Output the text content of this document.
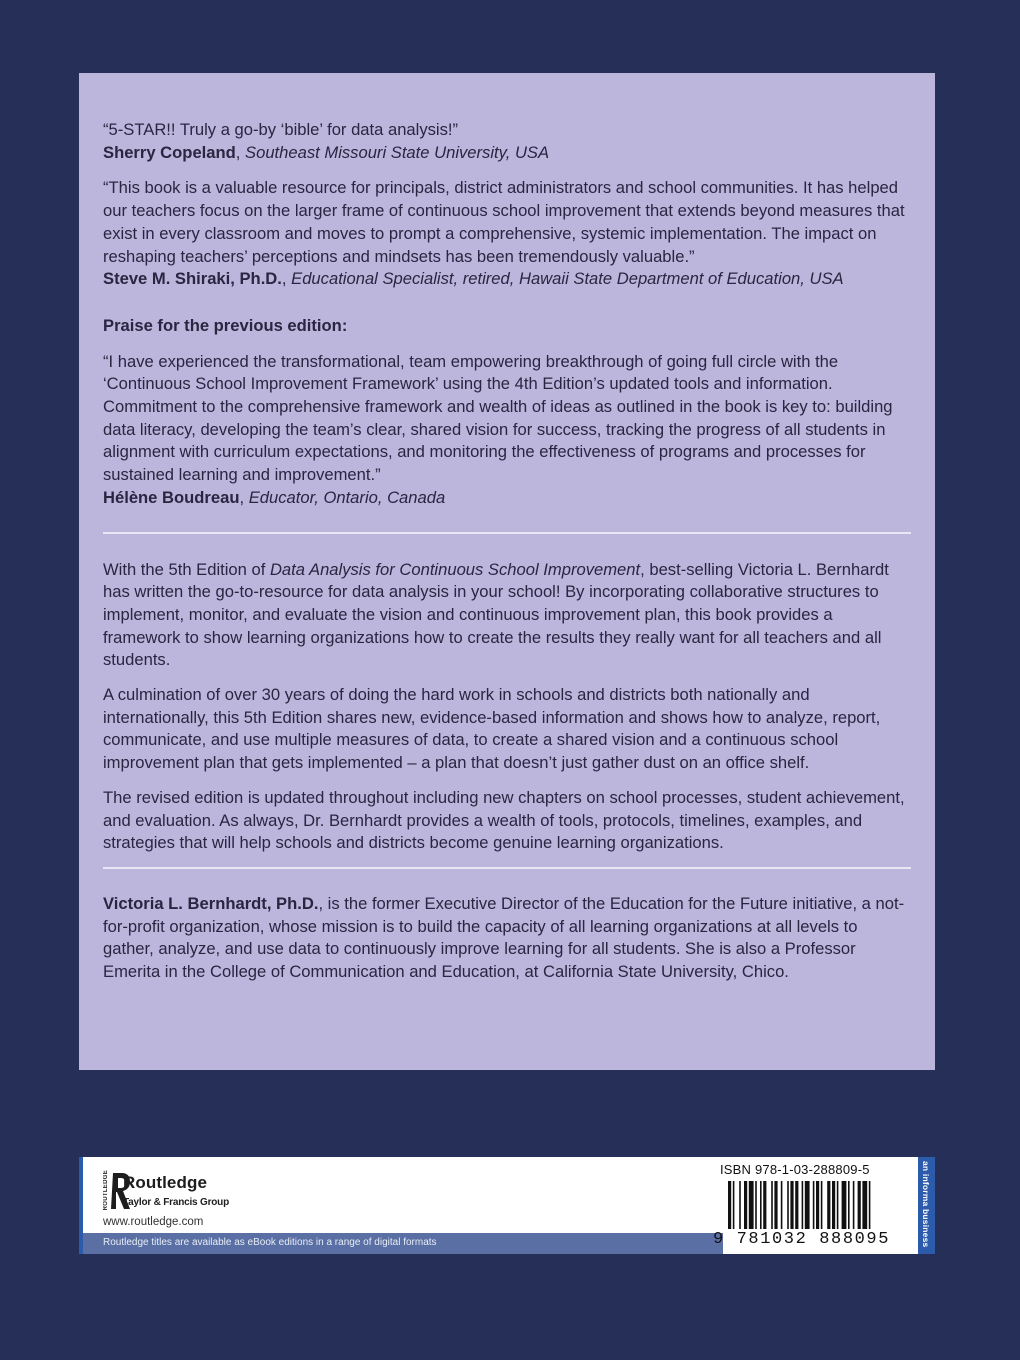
“5-STAR!! Truly a go-by ‘bible’ for data analysis!”
Sherry Copeland, Southeast Missouri State University, USA

“This book is a valuable resource for principals, district administrators and school communities. It has helped our teachers focus on the larger frame of continuous school improvement that extends beyond measures that exist in every classroom and moves to prompt a comprehensive, systemic implementation. The impact on reshaping teachers’ perceptions and mindsets has been tremendously valuable.”
Steve M. Shiraki, Ph.D., Educational Specialist, retired, Hawaii State Department of Education, USA

Praise for the previous edition:

“I have experienced the transformational, team empowering breakthrough of going full circle with the ‘Continuous School Improvement Framework’ using the 4th Edition’s updated tools and information. Commitment to the comprehensive framework and wealth of ideas as outlined in the book is key to: building data literacy, developing the team’s clear, shared vision for success, tracking the progress of all students in alignment with curriculum expectations, and monitoring the effectiveness of programs and processes for sustained learning and improvement.”
Hélène Boudreau, Educator, Ontario, Canada

With the 5th Edition of Data Analysis for Continuous School Improvement, best-selling Victoria L. Bernhardt has written the go-to-resource for data analysis in your school! By incorporating collaborative structures to implement, monitor, and evaluate the vision and continuous improvement plan, this book provides a framework to show learning organizations how to create the results they really want for all teachers and all students.

A culmination of over 30 years of doing the hard work in schools and districts both nationally and internationally, this 5th Edition shares new, evidence-based information and shows how to analyze, report, communicate, and use multiple measures of data, to create a shared vision and a continuous school improvement plan that gets implemented – a plan that doesn’t just gather dust on an office shelf.

The revised edition is updated throughout including new chapters on school processes, student achievement, and evaluation. As always, Dr. Bernhardt provides a wealth of tools, protocols, timelines, examples, and strategies that will help schools and districts become genuine learning organizations.

Victoria L. Bernhardt, Ph.D., is the former Executive Director of the Education for the Future initiative, a not-for-profit organization, whose mission is to build the capacity of all learning organizations at all levels to gather, analyze, and use data to continuously improve learning for all students. She is also a Professor Emerita in the College of Communication and Education, at California State University, Chico.

ROUTLEDGE Routledge
Taylor & Francis Group
www.routledge.com
Routledge titles are available as eBook editions in a range of digital formats
ISBN 978-1-03-288809-5
9 781032 888095	an informa business
